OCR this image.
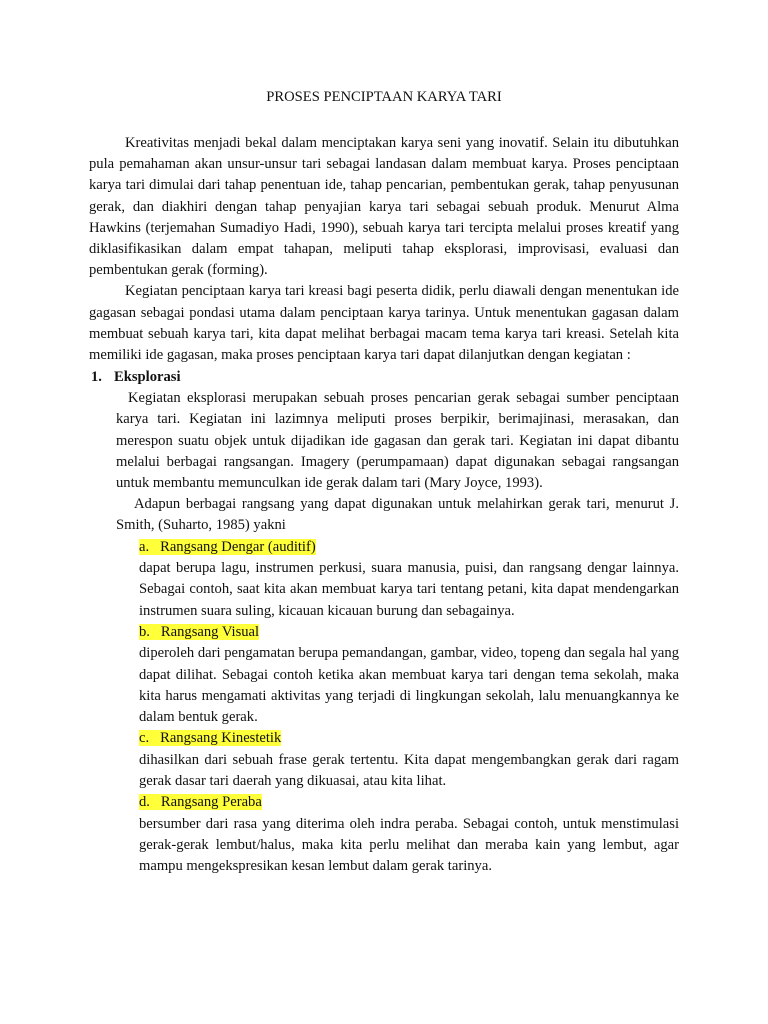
PROSES PENCIPTAAN KARYA TARI

Kreativitas menjadi bekal dalam menciptakan karya seni yang inovatif. Selain itu dibutuhkan pula pemahaman akan unsur-unsur tari sebagai landasan dalam membuat karya. Proses penciptaan karya tari dimulai dari tahap penentuan ide, tahap pencarian, pembentukan gerak, tahap penyusunan gerak, dan diakhiri dengan tahap penyajian karya tari sebagai sebuah produk. Menurut Alma Hawkins (terjemahan Sumadiyo Hadi, 1990), sebuah karya tari tercipta melalui proses kreatif yang diklasifikasikan dalam empat tahapan, meliputi tahap eksplorasi, improvisasi, evaluasi dan pembentukan gerak (forming).

Kegiatan penciptaan karya tari kreasi bagi peserta didik, perlu diawali dengan menentukan ide gagasan sebagai pondasi utama dalam penciptaan karya tarinya. Untuk menentukan gagasan dalam membuat sebuah karya tari, kita dapat melihat berbagai macam tema karya tari kreasi. Setelah kita memiliki ide gagasan, maka proses penciptaan karya tari dapat dilanjutkan dengan kegiatan :

1. Eksplorasi

Kegiatan eksplorasi merupakan sebuah proses pencarian gerak sebagai sumber penciptaan karya tari. Kegiatan ini lazimnya meliputi proses berpikir, berimajinasi, merasakan, dan merespon suatu objek untuk dijadikan ide gagasan dan gerak tari. Kegiatan ini dapat dibantu melalui berbagai rangsangan. Imagery (perumpamaan) dapat digunakan sebagai rangsangan untuk membantu memunculkan ide gerak dalam tari (Mary Joyce, 1993).

Adapun berbagai rangsang yang dapat digunakan untuk melahirkan gerak tari, menurut J. Smith, (Suharto, 1985) yakni

a. Rangsang Dengar (auditif)

dapat berupa lagu, instrumen perkusi, suara manusia, puisi, dan rangsang dengar lainnya. Sebagai contoh, saat kita akan membuat karya tari tentang petani, kita dapat mendengarkan instrumen suara suling, kicauan kicauan burung dan sebagainya.

b. Rangsang Visual

diperoleh dari pengamatan berupa pemandangan, gambar, video, topeng dan segala hal yang dapat dilihat. Sebagai contoh ketika akan membuat karya tari dengan tema sekolah, maka kita harus mengamati aktivitas yang terjadi di lingkungan sekolah, lalu menuangkannya ke dalam bentuk gerak.

c. Rangsang Kinestetik

dihasilkan dari sebuah frase gerak tertentu. Kita dapat mengembangkan gerak dari ragam gerak dasar tari daerah yang dikuasai, atau kita lihat.

d. Rangsang Peraba

bersumber dari rasa yang diterima oleh indra peraba. Sebagai contoh, untuk menstimulasi gerak-gerak lembut/halus, maka kita perlu melihat dan meraba kain yang lembut, agar mampu mengekspresikan kesan lembut dalam gerak tarinya.
